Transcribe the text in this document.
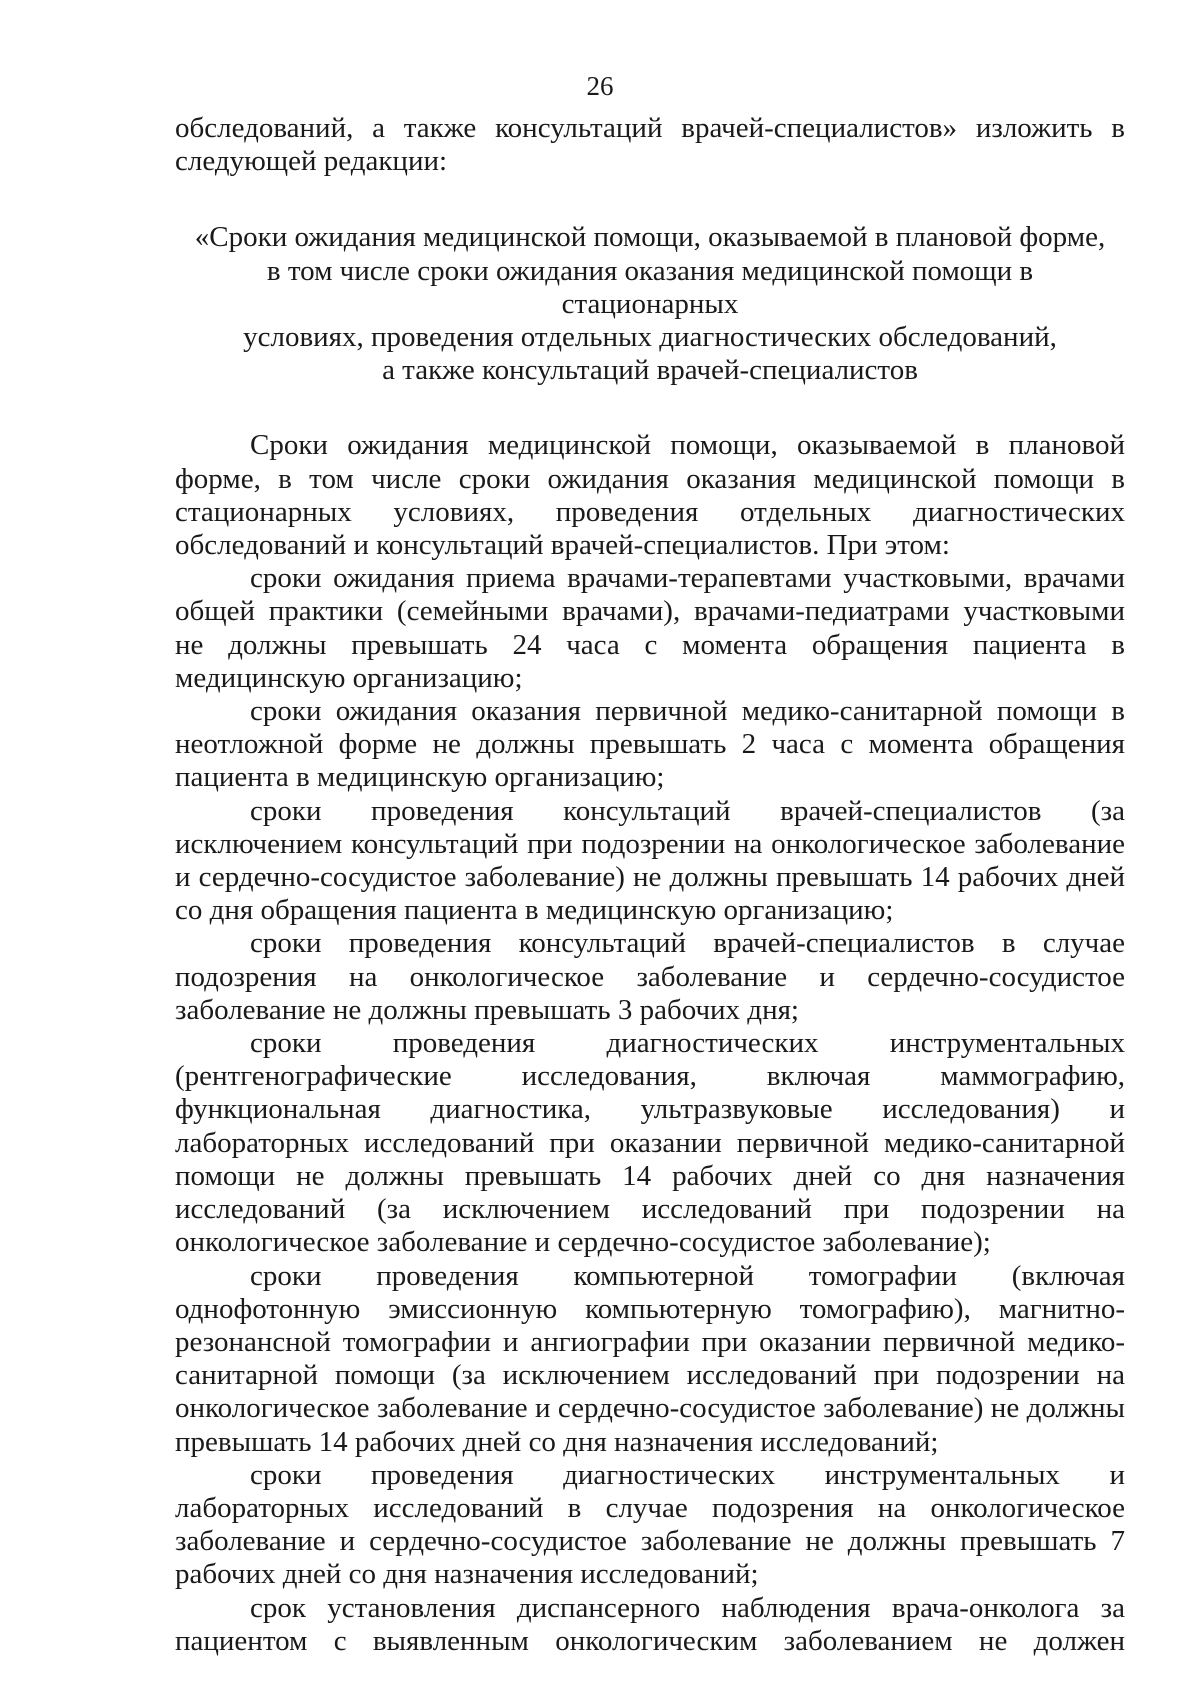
26

обследований, а также консультаций врачей-специалистов» изложить в следующей редакции:

«Сроки ожидания медицинской помощи, оказываемой в плановой форме,
в том числе сроки ожидания оказания медицинской помощи в стационарных
условиях, проведения отдельных диагностических обследований,
а также консультаций врачей-специалистов

Сроки ожидания медицинской помощи, оказываемой в плановой форме, в том числе сроки ожидания оказания медицинской помощи в стационарных условиях, проведения отдельных диагностических обследований и консультаций врачей-специалистов. При этом:

сроки ожидания приема врачами-терапевтами участковыми, врачами общей практики (семейными врачами), врачами-педиатрами участковыми не должны превышать 24 часа с момента обращения пациента в медицинскую организацию;

сроки ожидания оказания первичной медико-санитарной помощи в неотложной форме не должны превышать 2 часа с момента обращения пациента в медицинскую организацию;

сроки проведения консультаций врачей-специалистов (за исключением консультаций при подозрении на онкологическое заболевание и сердечно-сосудистое заболевание) не должны превышать 14 рабочих дней со дня обращения пациента в медицинскую организацию;

сроки проведения консультаций врачей-специалистов в случае подозрения на онкологическое заболевание и сердечно-сосудистое заболевание не должны превышать 3 рабочих дня;

сроки проведения диагностических инструментальных (рентгенографические исследования, включая маммографию, функциональная диагностика, ультразвуковые исследования) и лабораторных исследований при оказании первичной медико-санитарной помощи не должны превышать 14 рабочих дней со дня назначения исследований (за исключением исследований при подозрении на онкологическое заболевание и сердечно-сосудистое заболевание);

сроки проведения компьютерной томографии (включая однофотонную эмиссионную компьютерную томографию), магнитно-резонансной томографии и ангиографии при оказании первичной медико-санитарной помощи (за исключением исследований при подозрении на онкологическое заболевание и сердечно-сосудистое заболевание) не должны превышать 14 рабочих дней со дня назначения исследований;

сроки проведения диагностических инструментальных и лабораторных исследований в случае подозрения на онкологическое заболевание и сердечно-сосудистое заболевание не должны превышать 7 рабочих дней со дня назначения исследований;

срок установления диспансерного наблюдения врача-онколога за пациентом с выявленным онкологическим заболеванием не должен
